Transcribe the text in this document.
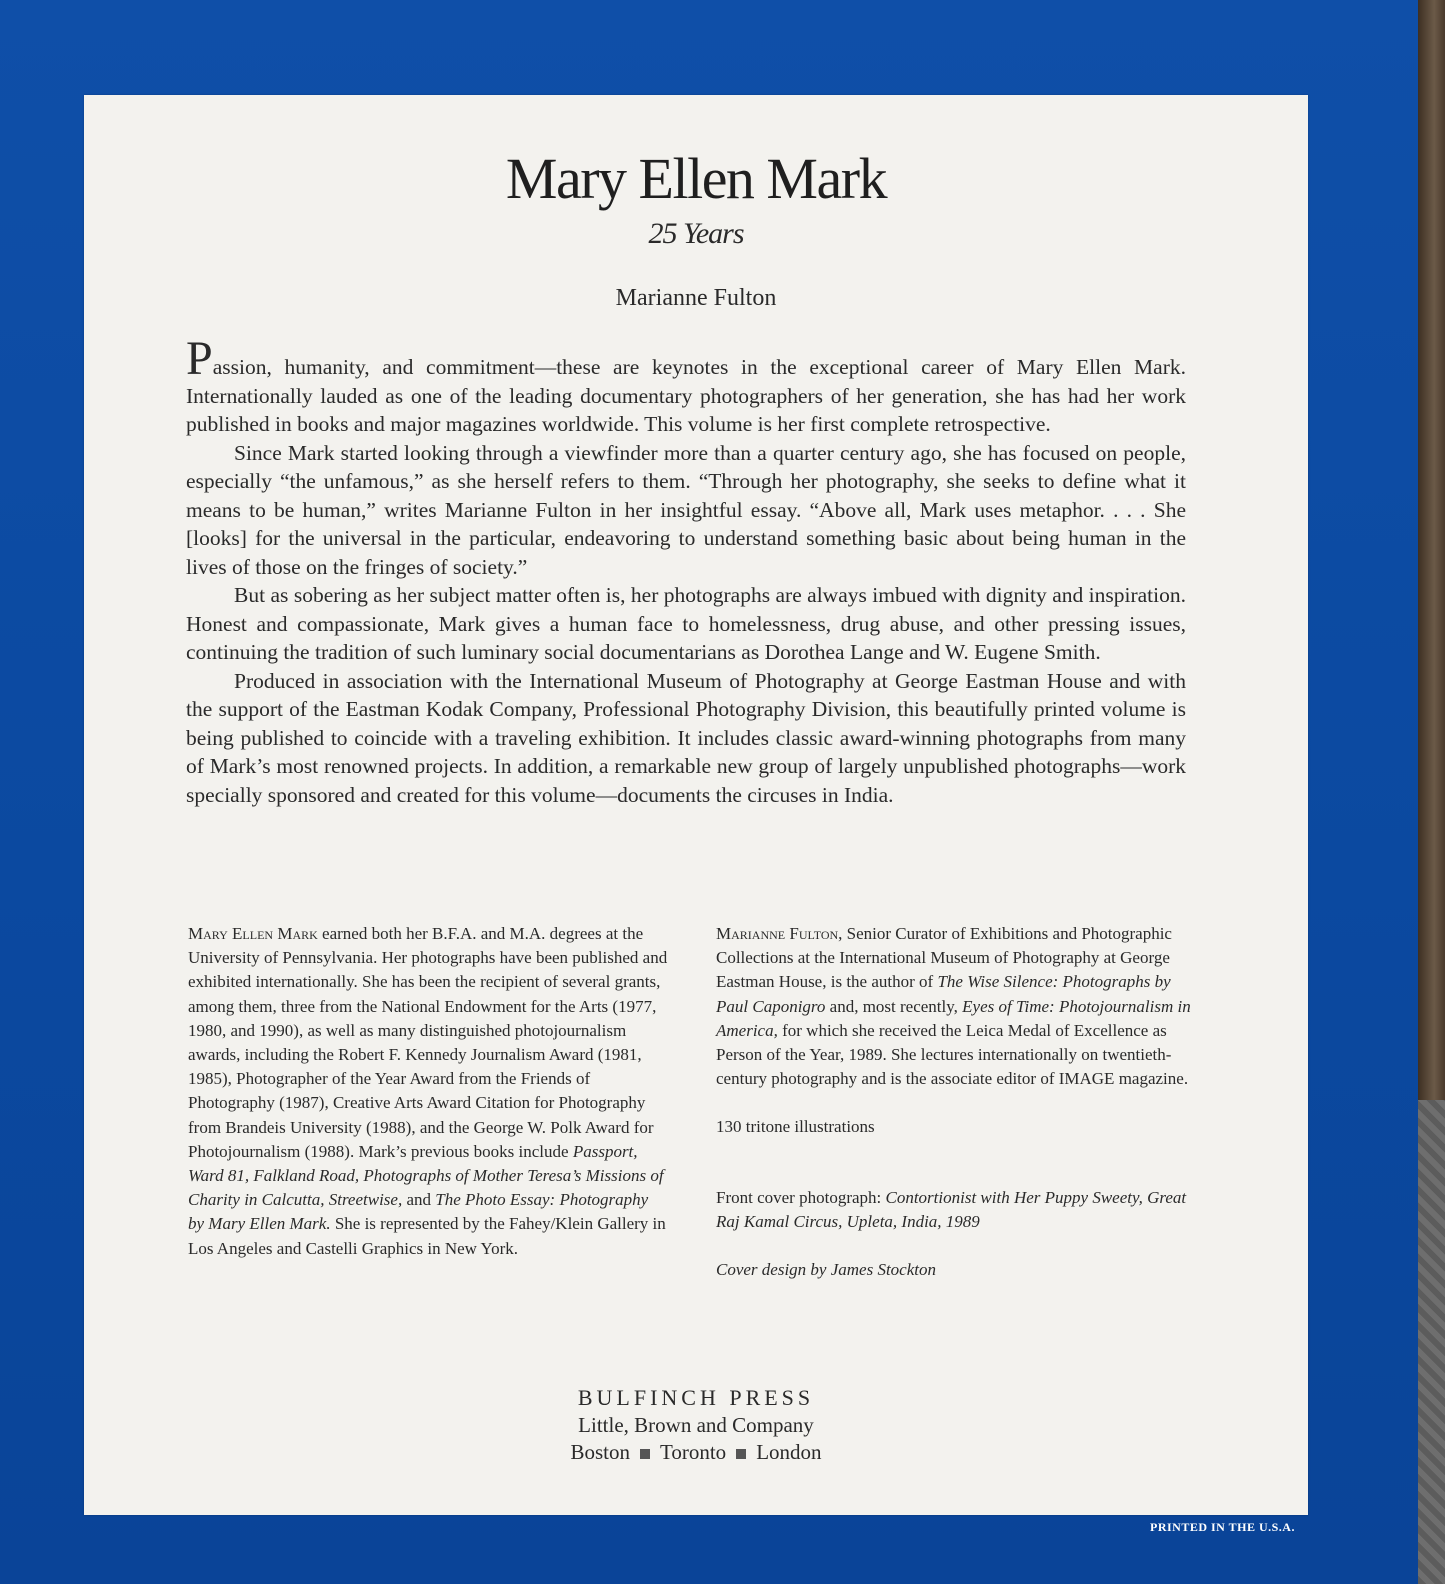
Mary Ellen Mark
25 Years
Marianne Fulton

Passion, humanity, and commitment—these are keynotes in the exceptional career of Mary Ellen Mark. Internationally lauded as one of the leading documentary photographers of her generation, she has had her work published in books and major magazines worldwide. This volume is her first complete retrospective.

Since Mark started looking through a viewfinder more than a quarter century ago, she has focused on people, especially “the unfamous,” as she herself refers to them. “Through her photography, she seeks to define what it means to be human,” writes Marianne Fulton in her insightful essay. “Above all, Mark uses metaphor. . . . She [looks] for the universal in the particular, endeavoring to understand something basic about being human in the lives of those on the fringes of society.”

But as sobering as her subject matter often is, her photographs are always imbued with dignity and inspiration. Honest and compassionate, Mark gives a human face to homelessness, drug abuse, and other pressing issues, continuing the tradition of such luminary social documentarians as Dorothea Lange and W. Eugene Smith.

Produced in association with the International Museum of Photography at George Eastman House and with the support of the Eastman Kodak Company, Professional Photography Division, this beautifully printed volume is being published to coincide with a traveling exhibition. It includes classic award-winning photographs from many of Mark’s most renowned projects. In addition, a remarkable new group of largely unpublished photographs—work specially sponsored and created for this volume—documents the circuses in India.

Mary Ellen Mark earned both her B.F.A. and M.A. degrees at the University of Pennsylvania. Her photographs have been published and exhibited internationally. She has been the recipient of several grants, among them, three from the National Endowment for the Arts (1977, 1980, and 1990), as well as many distinguished photojournalism awards, including the Robert F. Kennedy Journalism Award (1981, 1985), Photographer of the Year Award from the Friends of Photography (1987), Creative Arts Award Citation for Photography from Brandeis University (1988), and the George W. Polk Award for Photojournalism (1988). Mark’s previous books include Passport, Ward 81, Falkland Road, Photographs of Mother Teresa’s Missions of Charity in Calcutta, Streetwise, and The Photo Essay: Photography by Mary Ellen Mark. She is represented by the Fahey/Klein Gallery in Los Angeles and Castelli Graphics in New York.

Marianne Fulton, Senior Curator of Exhibitions and Photographic Collections at the International Museum of Photography at George Eastman House, is the author of The Wise Silence: Photographs by Paul Caponigro and, most recently, Eyes of Time: Photojournalism in America, for which she received the Leica Medal of Excellence as Person of the Year, 1989. She lectures internationally on twentieth-century photography and is the associate editor of IMAGE magazine.

130 tritone illustrations

Front cover photograph: Contortionist with Her Puppy Sweety, Great Raj Kamal Circus, Upleta, India, 1989

Cover design by James Stockton

BULFINCH PRESS
Little, Brown and Company
Boston Toronto London
PRINTED IN THE U.S.A.
